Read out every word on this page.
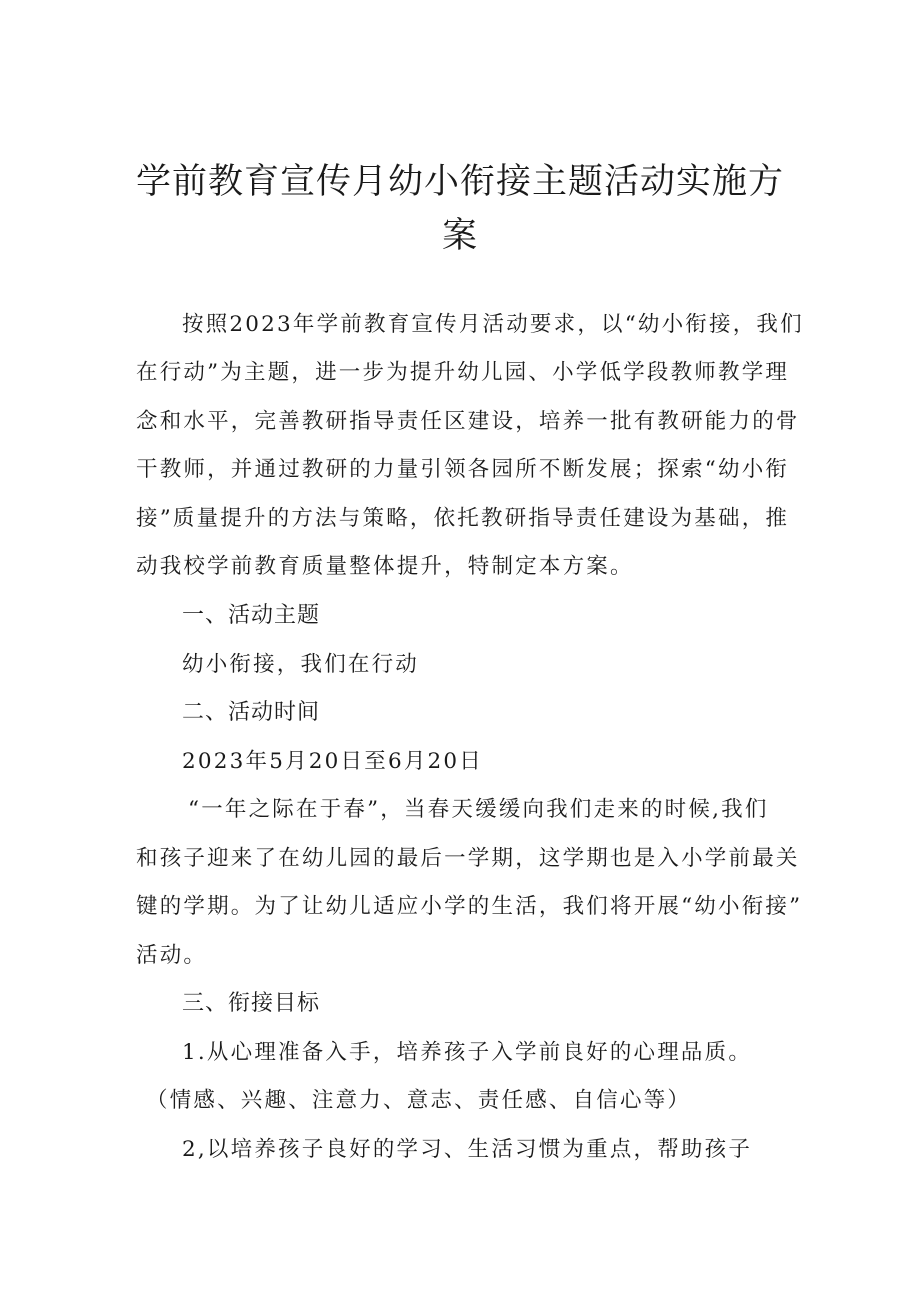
学前教育宣传月幼小衔接主题活动实施方
案
按照2023年学前教育宣传月活动要求，以“幼小衔接，我们
在行动”为主题，进一步为提升幼儿园、小学低学段教师教学理
念和水平，完善教研指导责任区建设，培养一批有教研能力的骨
干教师，并通过教研的力量引领各园所不断发展；探索“幼小衔
接”质量提升的方法与策略，依托教研指导责任建设为基础，推
动我校学前教育质量整体提升，特制定本方案。
一、活动主题
幼小衔接，我们在行动
二、活动时间
2023年5月20日至6月20日
“一年之际在于春”，当春天缓缓向我们走来的时候,我们
和孩子迎来了在幼儿园的最后一学期，这学期也是入小学前最关
键的学期。为了让幼儿适应小学的生活，我们将开展“幼小衔接”
活动。
三、衔接目标
1.从心理准备入手，培养孩子入学前良好的心理品质。
（情感、兴趣、注意力、意志、责任感、自信心等）
2,以培养孩子良好的学习、生活习惯为重点，帮助孩子
